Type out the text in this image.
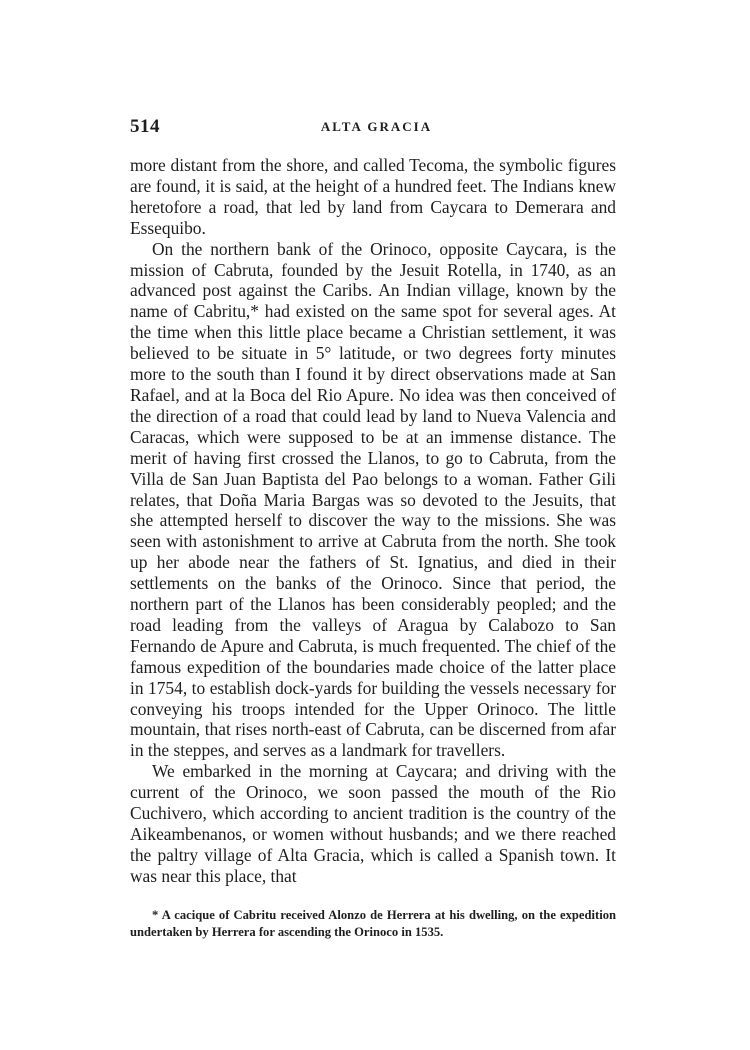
514	ALTA GRACIA

more distant from the shore, and called Tecoma, the symbolic figures are found, it is said, at the height of a hundred feet. The Indians knew heretofore a road, that led by land from Caycara to Demerara and Essequibo.

On the northern bank of the Orinoco, opposite Caycara, is the mission of Cabruta, founded by the Jesuit Rotella, in 1740, as an advanced post against the Caribs. An Indian village, known by the name of Cabritu,* had existed on the same spot for several ages. At the time when this little place became a Christian settlement, it was believed to be situate in 5° latitude, or two degrees forty minutes more to the south than I found it by direct observations made at San Rafael, and at la Boca del Rio Apure. No idea was then conceived of the direction of a road that could lead by land to Nueva Valencia and Caracas, which were supposed to be at an immense distance. The merit of having first crossed the Llanos, to go to Cabruta, from the Villa de San Juan Baptista del Pao belongs to a woman. Father Gili relates, that Doña Maria Bargas was so devoted to the Jesuits, that she attempted herself to discover the way to the missions. She was seen with astonishment to arrive at Cabruta from the north. She took up her abode near the fathers of St. Ignatius, and died in their settlements on the banks of the Orinoco. Since that period, the northern part of the Llanos has been considerably peopled; and the road leading from the valleys of Aragua by Calabozo to San Fernando de Apure and Cabruta, is much frequented. The chief of the famous expedition of the boundaries made choice of the latter place in 1754, to establish dock-yards for building the vessels necessary for conveying his troops intended for the Upper Orinoco. The little mountain, that rises north-east of Cabruta, can be discerned from afar in the steppes, and serves as a landmark for travellers.

We embarked in the morning at Caycara; and driving with the current of the Orinoco, we soon passed the mouth of the Rio Cuchivero, which according to ancient tradition is the country of the Aikeambenanos, or women without husbands; and we there reached the paltry village of Alta Gracia, which is called a Spanish town. It was near this place, that

* A cacique of Cabritu received Alonzo de Herrera at his dwelling, on the expedition undertaken by Herrera for ascending the Orinoco in 1535.
